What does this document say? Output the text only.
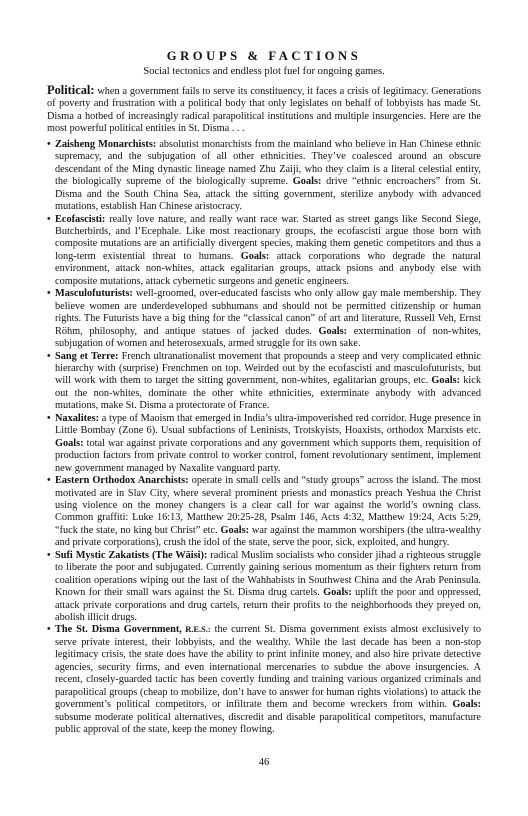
GROUPS & FACTIONS

Social tectonics and endless plot fuel for ongoing games.

Political: when a government fails to serve its constituency, it faces a crisis of legitimacy. Generations of poverty and frustration with a political body that only legislates on behalf of lobbyists has made St. Disma a hotbed of increasingly radical parapolitical institutions and multiple insurgencies. Here are the most powerful political entities in St. Disma . . .

• Zaisheng Monarchists: absolutist monarchists from the mainland who believe in Han Chinese ethnic supremacy, and the subjugation of all other ethnicities. They’ve coalesced around an obscure descendant of the Ming dynastic lineage named Zhu Zaiji, who they claim is a literal celestial entity, the biologically supreme of the biologically supreme. Goals: drive “ethnic encroachers” from St. Disma and the South China Sea, attack the sitting government, sterilize anybody with advanced mutations, establish Han Chinese aristocracy.
• Ecofascisti: really love nature, and really want race war. Started as street gangs like Second Siege, Butcherbirds, and l’Ecephale. Like most reactionary groups, the ecofascisti argue those born with composite mutations are an artificially divergent species, making them genetic competitors and thus a long-term existential threat to humans. Goals: attack corporations who degrade the natural environment, attack non-whites, attack egalitarian groups, attack psions and anybody else with composite mutations, attack cybernetic surgeons and genetic engineers.
• Masculofuturists: well-groomed, over-educated fascists who only allow gay male membership. They believe women are underdeveloped subhumans and should not be permitted citizenship or human rights. The Futurists have a big thing for the “classical canon” of art and literature, Russell Veh, Ernst Röhm, philosophy, and antique statues of jacked dudes. Goals: extermination of non-whites, subjugation of women and heterosexuals, armed struggle for its own sake.
• Sang et Terre: French ultranationalist movement that propounds a steep and very complicated ethnic hierarchy with (surprise) Frenchmen on top. Weirded out by the ecofascisti and masculofuturists, but will work with them to target the sitting government, non-whites, egalitarian groups, etc. Goals: kick out the non-whites, dominate the other white ethnicities, exterminate anybody with advanced mutations, make St. Disma a protectorate of France.
• Naxalites: a type of Maoism that emerged in India’s ultra-impoverished red corridor. Huge presence in Little Bombay (Zone 6). Usual subfactions of Leninists, Trotskyists, Hoaxists, orthodox Marxists etc. Goals: total war against private corporations and any government which supports them, requisition of production factors from private control to worker control, foment revolutionary sentiment, implement new government managed by Naxalite vanguard party.
• Eastern Orthodox Anarchists: operate in small cells and “study groups” across the island. The most motivated are in Slav City, where several prominent priests and monastics preach Yeshua the Christ using violence on the money changers is a clear call for war against the world’s owning class. Common graffiti: Luke 16:13, Matthew 20:25-28, Psalm 146, Acts 4:32, Matthew 19:24, Acts 5:29, “fuck the state, no king but Christ” etc. Goals: war against the mammon worshipers (the ultra-wealthy and private corporations), crush the idol of the state, serve the poor, sick, exploited, and hungry.
• Sufi Mystic Zakatists (The Wāisi): radical Muslim socialists who consider jihad a righteous struggle to liberate the poor and subjugated. Currently gaining serious momentum as their fighters return from coalition operations wiping out the last of the Wahhabists in Southwest China and the Arab Peninsula. Known for their small wars against the St. Disma drug cartels. Goals: uplift the poor and oppressed, attack private corporations and drug cartels, return their profits to the neighborhoods they preyed on, abolish illicit drugs.
• The St. Disma Government, R.E.S.: the current St. Disma government exists almost exclusively to serve private interest, their lobbyists, and the wealthy. While the last decade has been a non-stop legitimacy crisis, the state does have the ability to print infinite money, and also hire private detective agencies, security firms, and even international mercenaries to subdue the above insurgencies. A recent, closely-guarded tactic has been covertly funding and training various organized criminals and parapolitical groups (cheap to mobilize, don’t have to answer for human rights violations) to attack the government’s political competitors, or infiltrate them and become wreckers from within. Goals: subsume moderate political alternatives, discredit and disable parapolitical competitors, manufacture public approval of the state, keep the money flowing.
46
